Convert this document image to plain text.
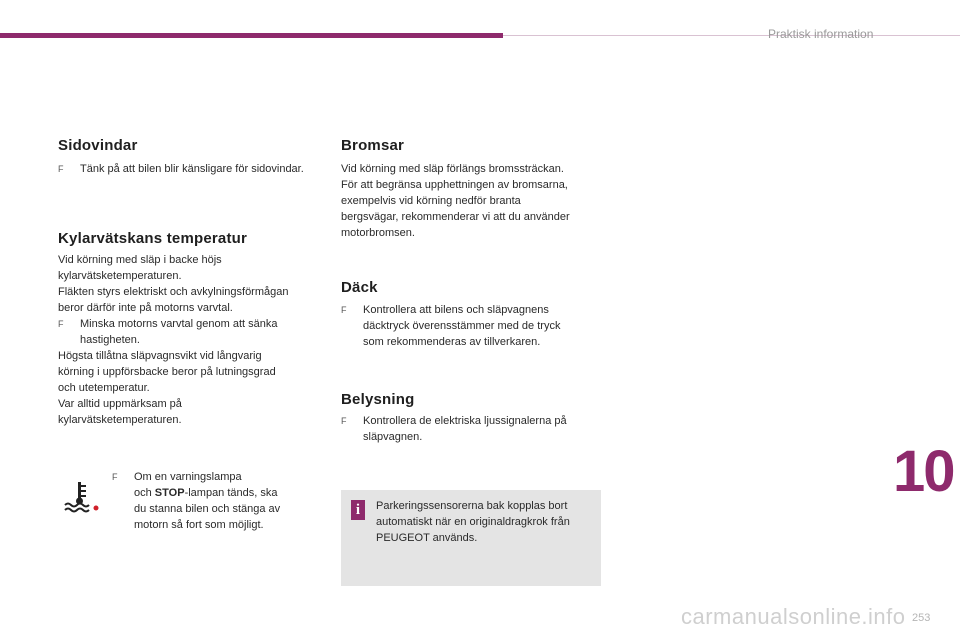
Praktisk information
Sidovindar
F Tänk på att bilen blir känsligare för sidovindar.
Kylarvätskans temperatur
Vid körning med släp i backe höjs
kylarvätsketemperaturen.
Fläkten styrs elektriskt och avkylningsförmågan
beror därför inte på motorns varvtal.
F Minska motorns varvtal genom att sänka hastigheten.
Högsta tillåtna släpvagnsvikt vid långvarig
körning i uppförsbacke beror på lutningsgrad
och utetemperatur.
Var alltid uppmärksam på
kylarvätsketemperaturen.
F Om en varningslampa
och STOP-lampan tänds, ska
du stanna bilen och stänga av
motorn så fort som möjligt.
Bromsar
Vid körning med släp förlängs bromssträckan.
För att begränsa upphettningen av bromsarna,
exempelvis vid körning nedför branta
bergsvägar, rekommenderar vi att du använder
motorbromsen.
Däck
F Kontrollera att bilens och släpvagnens
däcktryck överensstämmer med de tryck
som rekommenderas av tillverkaren.
Belysning
F Kontrollera de elektriska ljussignalerna på
släpvagnen.
i	Parkeringssensorerna bak kopplas bort
automatiskt när en originaldragkrok från
PEUGEOT används.
10
carmanualsonline.info 253
